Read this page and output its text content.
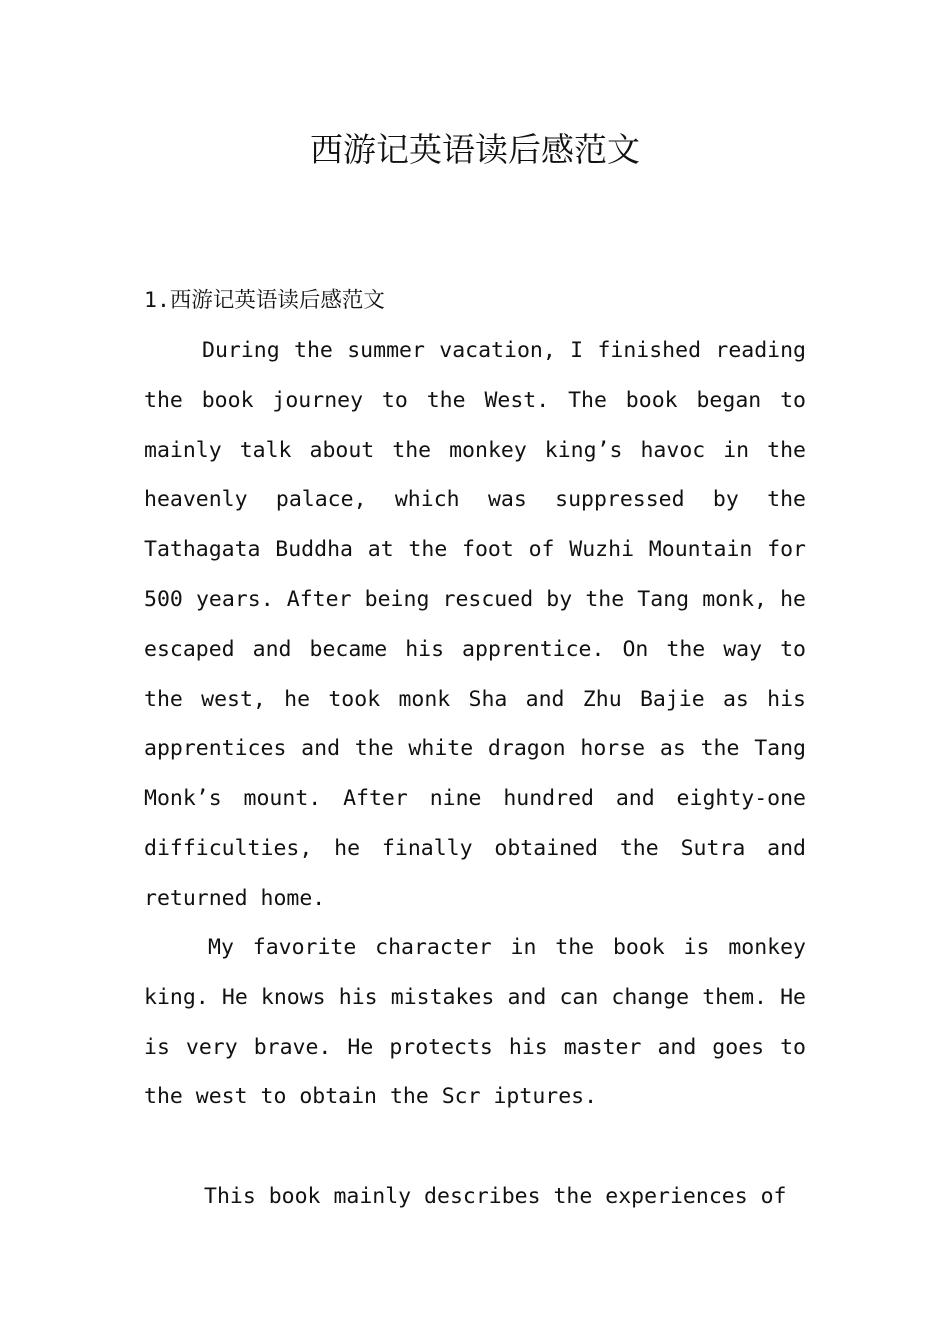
西游记英语读后感范文
1.西游记英语读后感范文

During the summer vacation, I finished reading the book journey to the West. The book began to mainly talk about the monkey king’s havoc in the heavenly palace, which was suppressed by the Tathagata Buddha at the foot of Wuzhi Mountain for 500 years. After being rescued by the Tang monk, he escaped and became his apprentice. On the way to the west, he took monk Sha and Zhu Bajie as his apprentices and the white dragon horse as the Tang Monk’s mount. After nine hundred and eighty-one difficulties, he finally obtained the Sutra and returned home.

My favorite character in the book is monkey king. He knows his mistakes and can change them. He is very brave. He protects his master and goes to the west to obtain the Scr iptures.

This book mainly describes the experiences of
